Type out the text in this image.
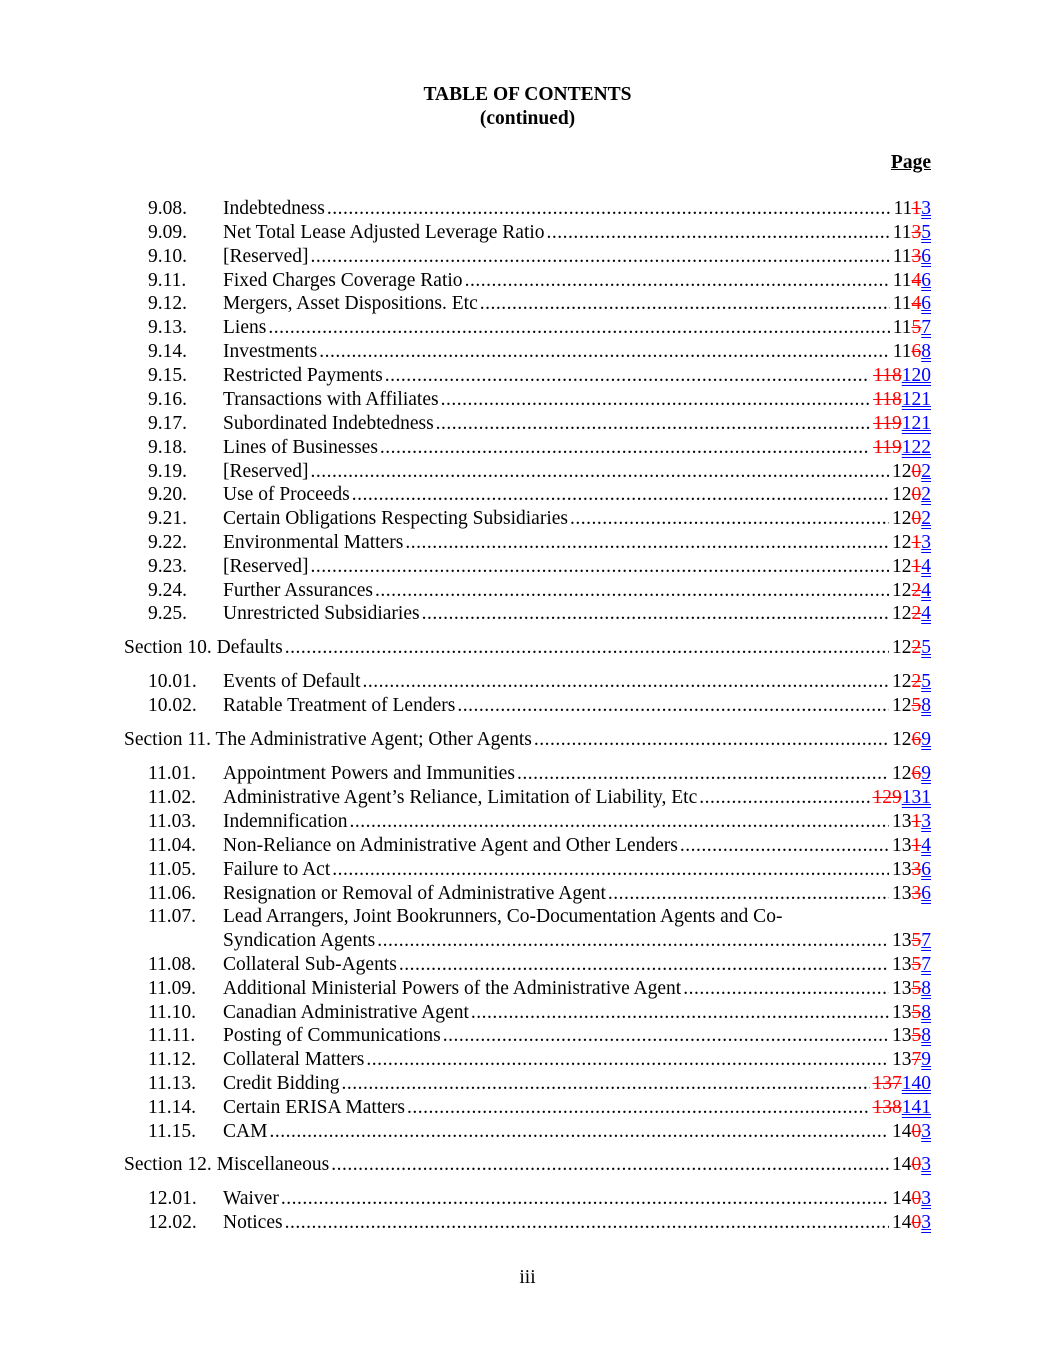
TABLE OF CONTENTS
(continued)
Page
9.08. Indebtedness .....	1113
9.09. Net Total Lease Adjusted Leverage Ratio .....	1135
9.10. [Reserved] .....	1136
9.11. Fixed Charges Coverage Ratio .....	1146
9.12. Mergers, Asset Dispositions. Etc .....	1146
9.13. Liens .....	1157
9.14. Investments .....	1168
9.15. Restricted Payments .....	118120
9.16. Transactions with Affiliates .....	118121
9.17. Subordinated Indebtedness .....	119121
9.18. Lines of Businesses .....	119122
9.19. [Reserved] .....	1202
9.20. Use of Proceeds .....	1202
9.21. Certain Obligations Respecting Subsidiaries .....	1202
9.22. Environmental Matters .....	1213
9.23. [Reserved] .....	1214
9.24. Further Assurances .....	1224
9.25. Unrestricted Subsidiaries .....	1224
Section 10. Defaults .....	1225
10.01. Events of Default .....	1225
10.02. Ratable Treatment of Lenders .....	1258
Section 11. The Administrative Agent; Other Agents .....	1269
11.01. Appointment Powers and Immunities .....	1269
11.02. Administrative Agent’s Reliance, Limitation of Liability, Etc .....	129131
11.03. Indemnification .....	1313
11.04. Non-Reliance on Administrative Agent and Other Lenders .....	1314
11.05. Failure to Act .....	1336
11.06. Resignation or Removal of Administrative Agent .....	1336
11.07. Lead Arrangers, Joint Bookrunners, Co-Documentation Agents and Co-
Syndication Agents .....	1357
11.08. Collateral Sub-Agents .....	1357
11.09. Additional Ministerial Powers of the Administrative Agent .....	1358
11.10. Canadian Administrative Agent .....	1358
11.11. Posting of Communications .....	1358
11.12. Collateral Matters .....	1379
11.13. Credit Bidding .....	137140
11.14. Certain ERISA Matters .....	138141
11.15. CAM .....	1403
Section 12. Miscellaneous .....	1403
12.01. Waiver .....	1403
12.02. Notices .....	1403
iii
